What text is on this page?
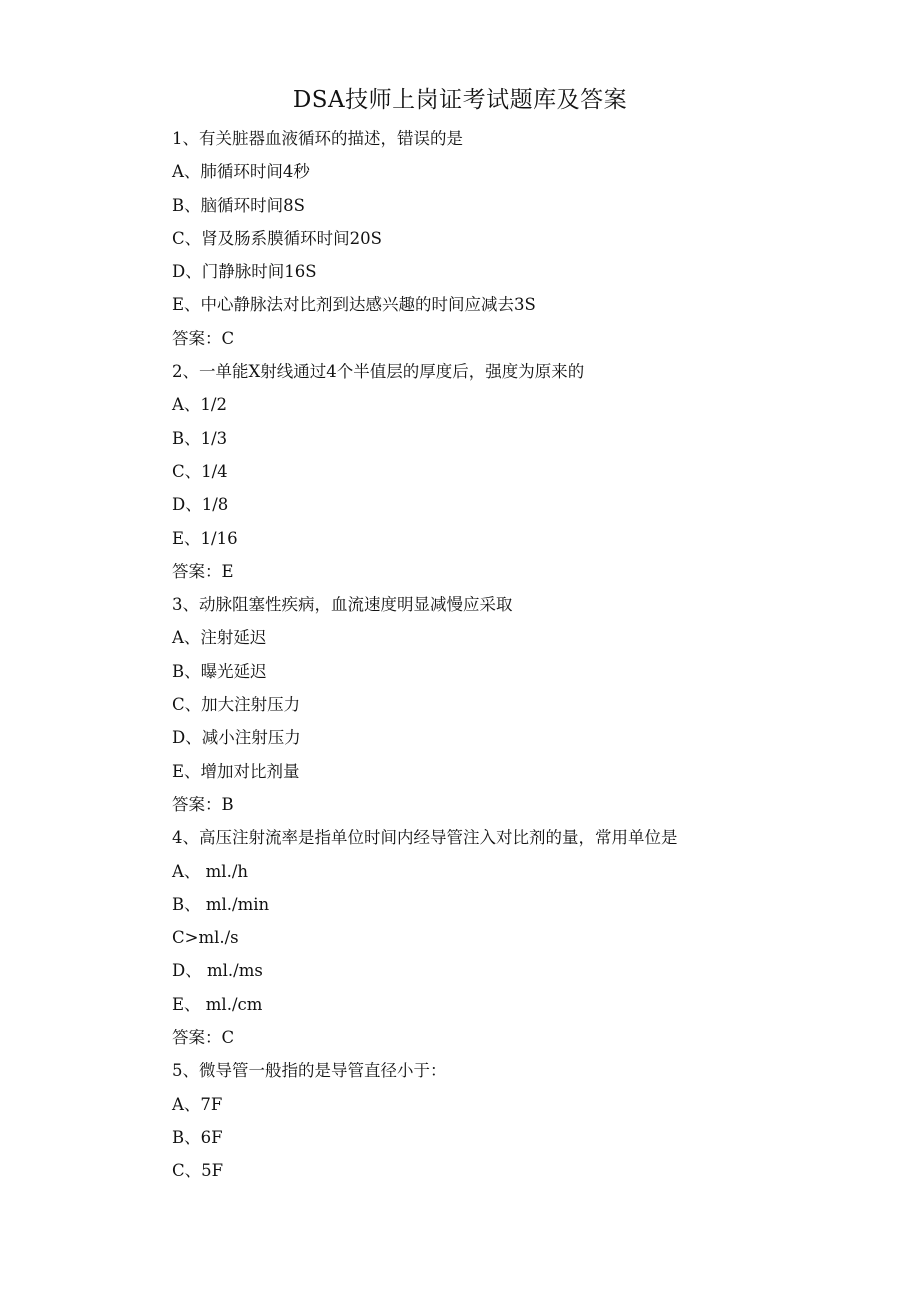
DSA技师上岗证考试题库及答案
1、有关脏器血液循环的描述，错误的是
A、肺循环时间4秒
B、脑循环时间8S
C、肾及肠系膜循环时间20S
D、门静脉时间16S
E、中心静脉法对比剂到达感兴趣的时间应减去3S
答案：C
2、一单能X射线通过4个半值层的厚度后，强度为原来的
A、1/2
B、1/3
C、1/4
D、1/8
E、1/16
答案：E
3、动脉阻塞性疾病，血流速度明显减慢应采取
A、注射延迟
B、曝光延迟
C、加大注射压力
D、减小注射压力
E、增加对比剂量
答案：B
4、高压注射流率是指单位时间内经导管注入对比剂的量，常用单位是
A、 ml./h
B、 ml./min
C>ml./s
D、 ml./ms
E、 ml./cm
答案：C
5、微导管一般指的是导管直径小于：
A、7F
B、6F
C、5F
